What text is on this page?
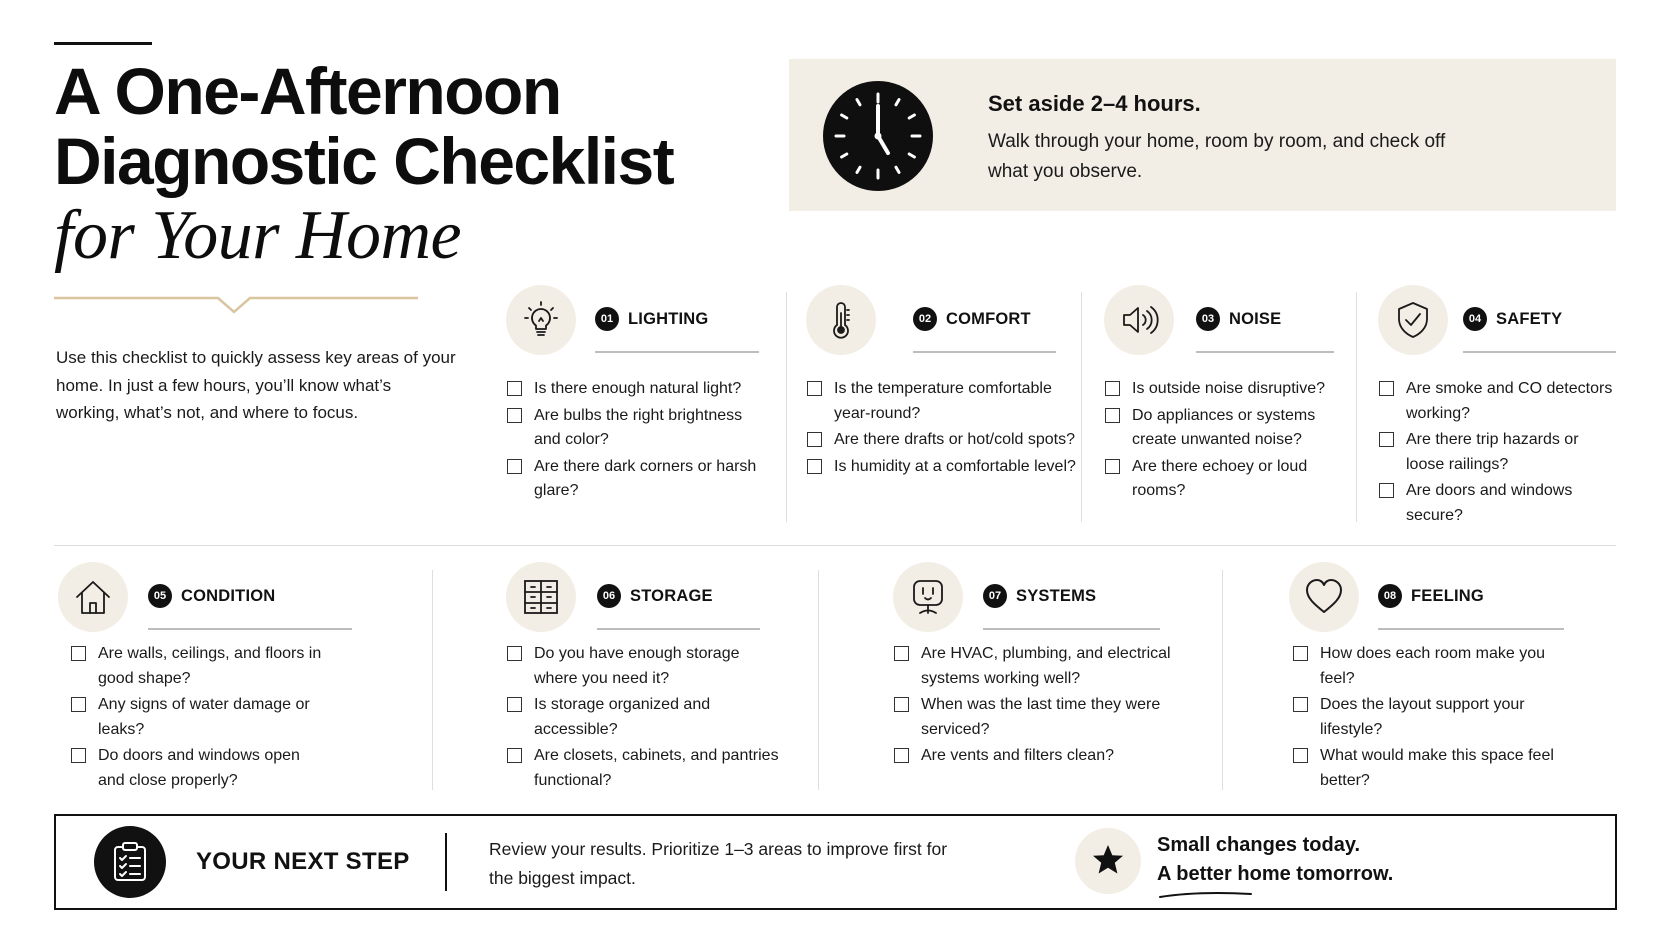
A One-Afternoon
Diagnostic Checklist
for Your Home

Use this checklist to quickly assess key areas of your home. In just a few hours, you’ll know what’s working, what’s not, and where to focus.

Set aside 2–4 hours.
Walk through your home, room by room, and check off what you observe.
01 LIGHTING
Is there enough natural light?
Are bulbs the right brightness and color?
Are there dark corners or harsh glare?
02 COMFORT
Is the temperature comfortable year-round?
Are there drafts or hot/cold spots?
Is humidity at a comfortable level?
03 NOISE
Is outside noise disruptive?
Do appliances or systems create unwanted noise?
Are there echoey or loud rooms?
04 SAFETY
Are smoke and CO detectors working?
Are there trip hazards or loose railings?
Are doors and windows secure?
05 CONDITION
Are walls, ceilings, and floors in good shape?
Any signs of water damage or leaks?
Do doors and windows open and close properly?
06 STORAGE
Do you have enough storage where you need it?
Is storage organized and accessible?
Are closets, cabinets, and pantries functional?
07 SYSTEMS
Are HVAC, plumbing, and electrical systems working well?
When was the last time they were serviced?
Are vents and filters clean?
08 FEELING
How does each room make you feel?
Does the layout support your lifestyle?
What would make this space feel better?
YOUR NEXT STEP	Review your results. Prioritize 1–3 areas to improve first for the biggest impact.
Small changes today.
A better home tomorrow.
